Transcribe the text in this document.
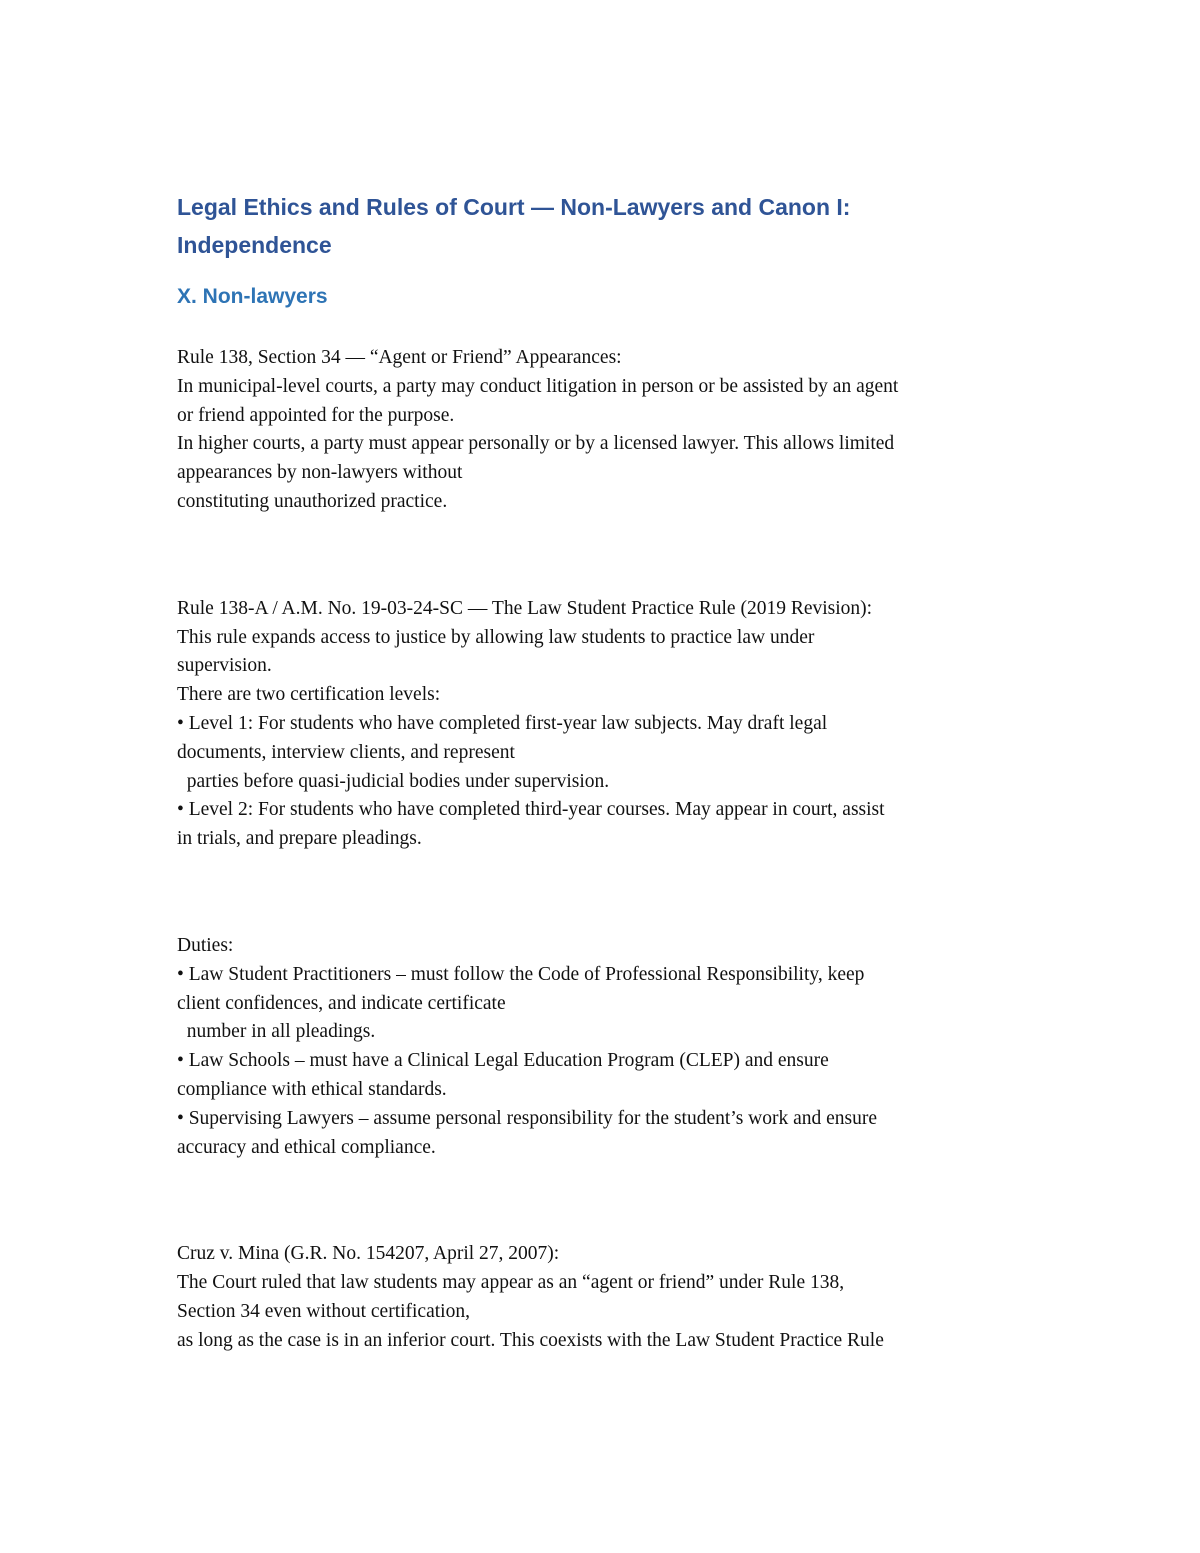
Legal Ethics and Rules of Court — Non-Lawyers and Canon I:
Independence
X. Non-lawyers
Rule 138, Section 34 — “Agent or Friend” Appearances:
In municipal-level courts, a party may conduct litigation in person or be assisted by an agent
or friend appointed for the purpose.
In higher courts, a party must appear personally or by a licensed lawyer. This allows limited
appearances by non-lawyers without
constituting unauthorized practice.
Rule 138-A / A.M. No. 19-03-24-SC — The Law Student Practice Rule (2019 Revision):
This rule expands access to justice by allowing law students to practice law under
supervision.
There are two certification levels:
• Level 1: For students who have completed first-year law subjects. May draft legal
documents, interview clients, and represent
parties before quasi-judicial bodies under supervision.
• Level 2: For students who have completed third-year courses. May appear in court, assist
in trials, and prepare pleadings.
Duties:
• Law Student Practitioners – must follow the Code of Professional Responsibility, keep
client confidences, and indicate certificate
number in all pleadings.
• Law Schools – must have a Clinical Legal Education Program (CLEP) and ensure
compliance with ethical standards.
• Supervising Lawyers – assume personal responsibility for the student’s work and ensure
accuracy and ethical compliance.
Cruz v. Mina (G.R. No. 154207, April 27, 2007):
The Court ruled that law students may appear as an “agent or friend” under Rule 138,
Section 34 even without certification,
as long as the case is in an inferior court. This coexists with the Law Student Practice Rule
